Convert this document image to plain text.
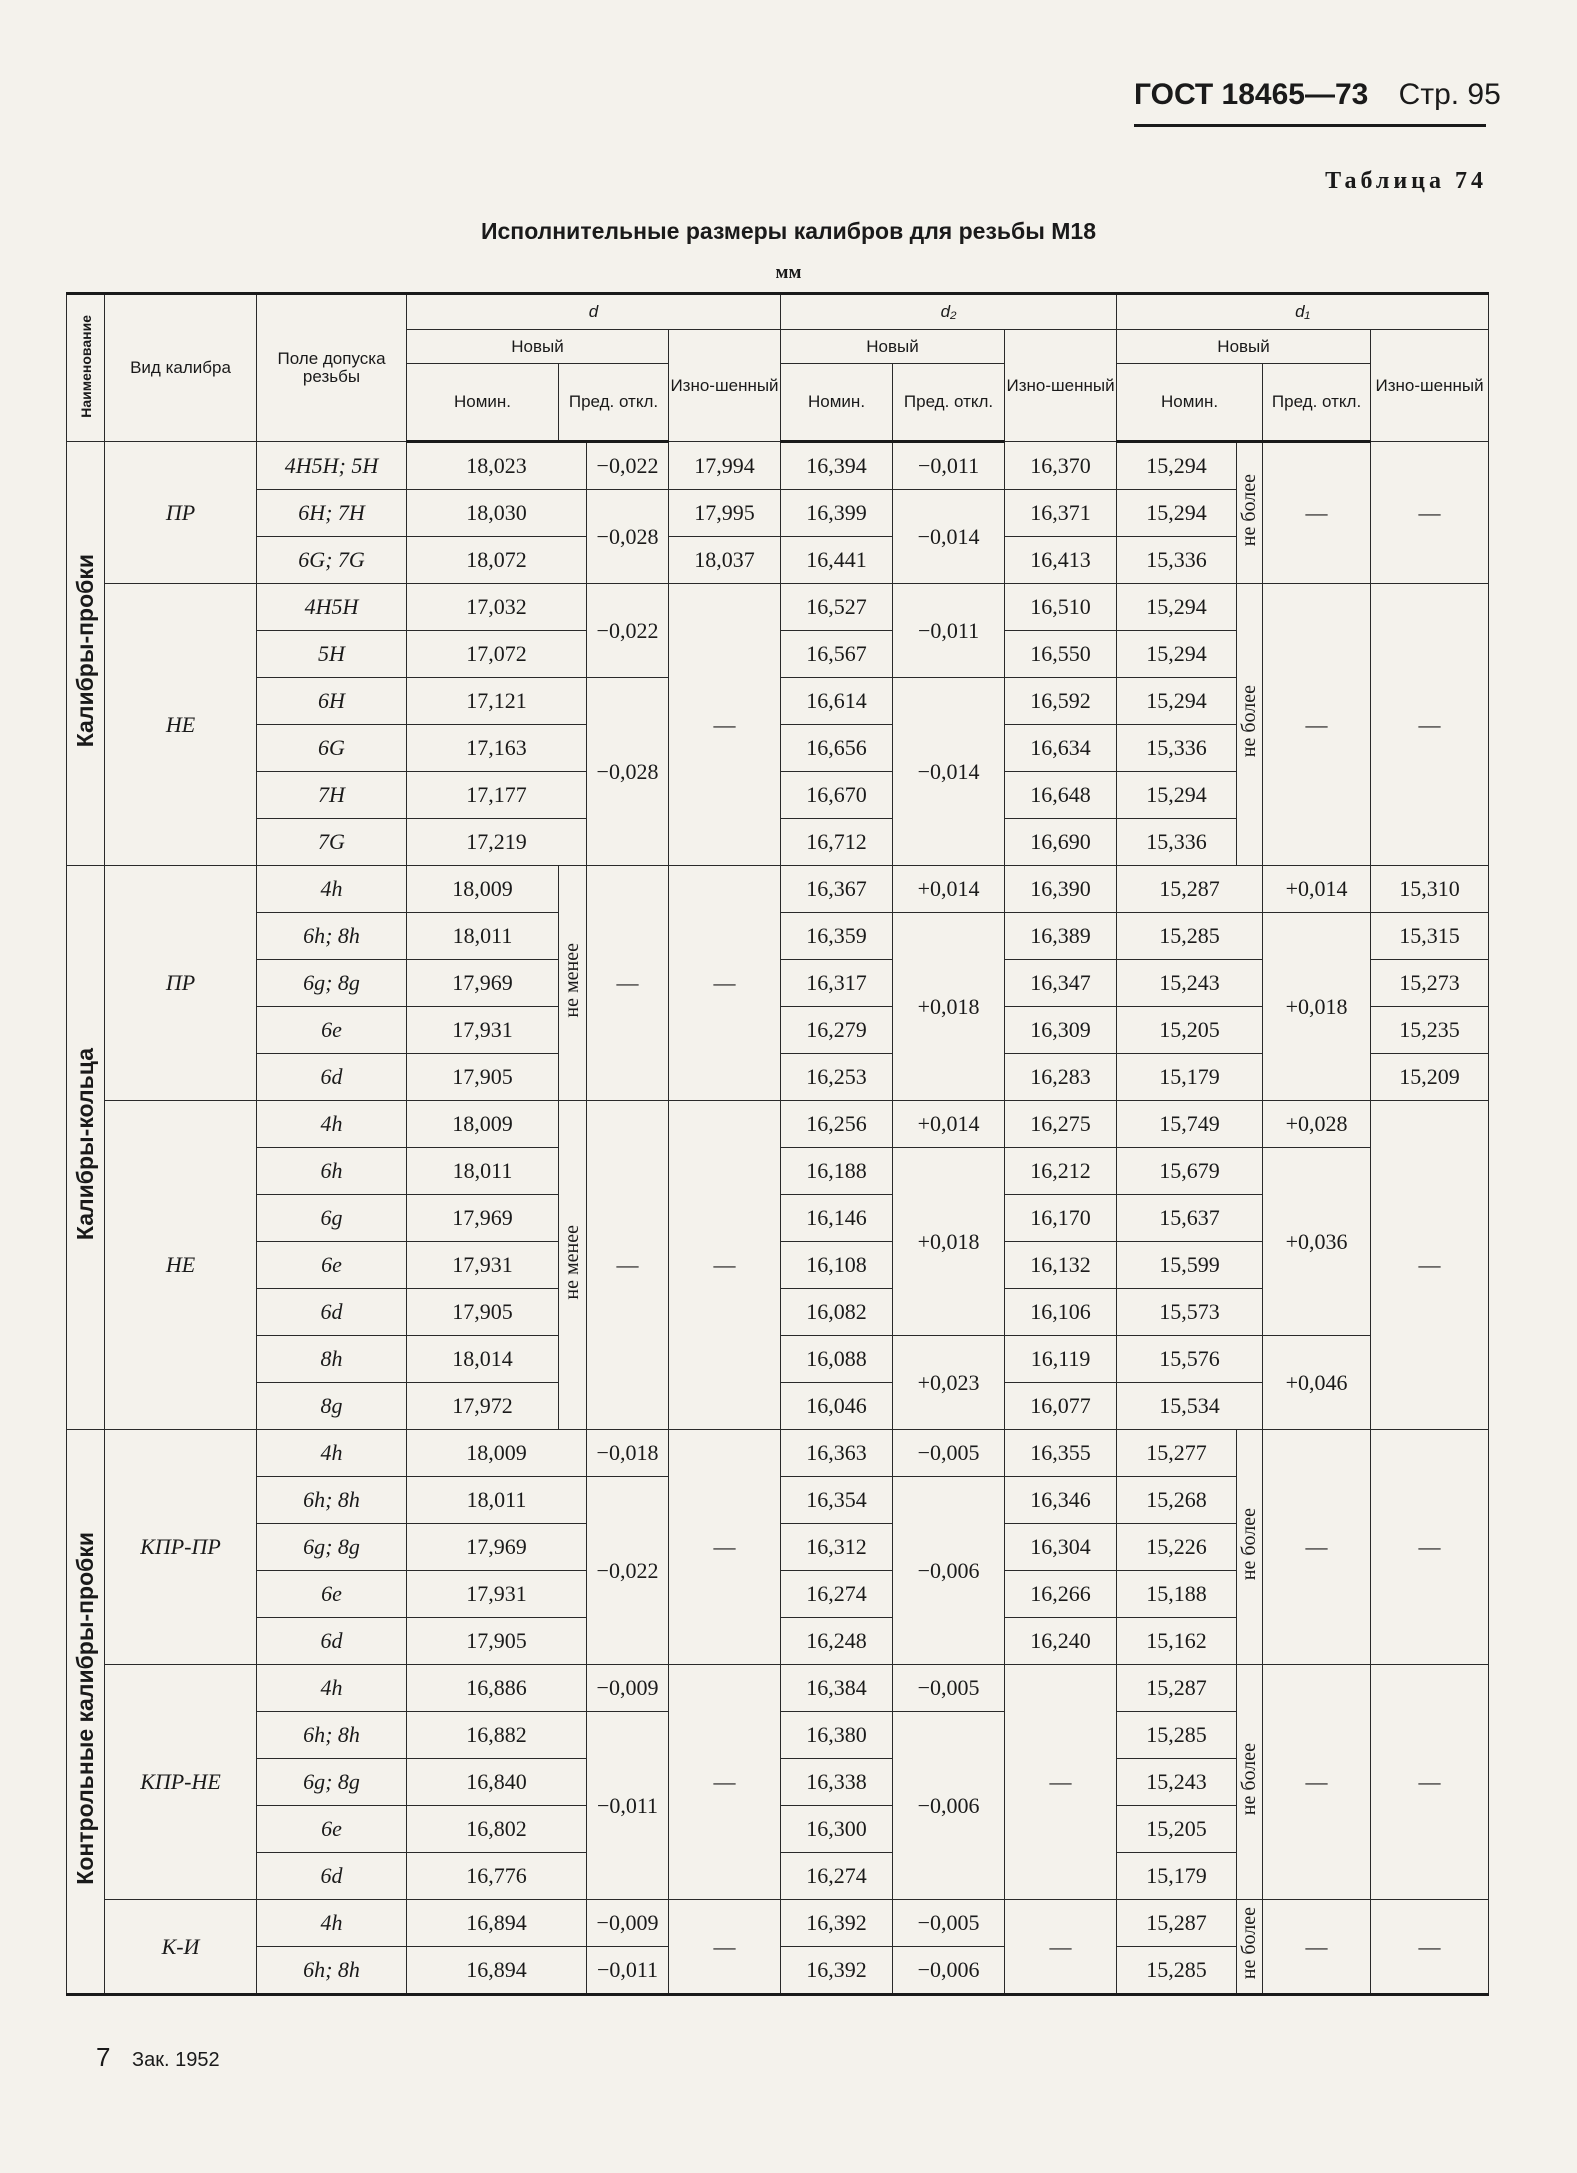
ГОСТ 18465—73 Стр. 95
Таблица 74
Исполнительные размеры калибров для резьбы М18
мм
Наименование	Вид калибра	Поле допуска резьбы	d				d₂			d₁			
			Новый			Изно-шенный	Новый		Изно-шенный	Новый			Изно-шенный
			Номин.	Пред. откл.			Номин.	Пред. откл.		Номин.		Пред. откл.	
Калибры-пробки	ПР	4H5H; 5H	18,023		−0,022	17,994	16,394	−0,011	16,370	15,294	не более	—	—
		6H; 7H	18,030		−0,028	17,995	16,399	−0,014	16,371	15,294			
		6G; 7G	18,072			18,037	16,441		16,413	15,336			
	НЕ	4H5H	17,032		−0,022	—	16,527	−0,011	16,510	15,294	не более	—	—
		5H	17,072				16,567		16,550	15,294			
		6H	17,121		−0,028		16,614	−0,014	16,592	15,294			
		6G	17,163				16,656		16,634	15,336			
		7H	17,177				16,670		16,648	15,294			
		7G	17,219				16,712		16,690	15,336			
Калибры-кольца	ПР	4h	18,009	не менее	—	—	16,367	+0,014	16,390	15,287		+0,014	15,310
		6h; 8h	18,011				16,359	+0,018	16,389	15,285		+0,018	15,315
		6g; 8g	17,969				16,317		16,347	15,243			15,273
		6e	17,931				16,279		16,309	15,205			15,235
		6d	17,905				16,253		16,283	15,179			15,209
	НЕ	4h	18,009	не менее	—	—	16,256	+0,014	16,275	15,749		+0,028	—
		6h	18,011				16,188	+0,018	16,212	15,679		+0,036	
		6g	17,969				16,146		16,170	15,637			
		6e	17,931				16,108		16,132	15,599			
		6d	17,905				16,082		16,106	15,573			
		8h	18,014				16,088	+0,023	16,119	15,576		+0,046	
		8g	17,972				16,046		16,077	15,534			
Контрольные калибры-пробки	КПР-ПР	4h	18,009		−0,018	—	16,363	−0,005	16,355	15,277	не более	—	—
		6h; 8h	18,011		−0,022		16,354	−0,006	16,346	15,268			
		6g; 8g	17,969				16,312		16,304	15,226			
		6e	17,931				16,274		16,266	15,188			
		6d	17,905				16,248		16,240	15,162			
	КПР-НЕ	4h	16,886		−0,009	—	16,384	−0,005	—	15,287	не более	—	—
		6h; 8h	16,882		−0,011		16,380	−0,006		15,285			
		6g; 8g	16,840				16,338			15,243			
		6e	16,802				16,300			15,205			
		6d	16,776				16,274			15,179			
	К-И	4h	16,894		−0,009	—	16,392	−0,005	—	15,287	не более	—	—
		6h; 8h	16,894		−0,011		16,392	−0,006		15,285			
7 Зак. 1952
